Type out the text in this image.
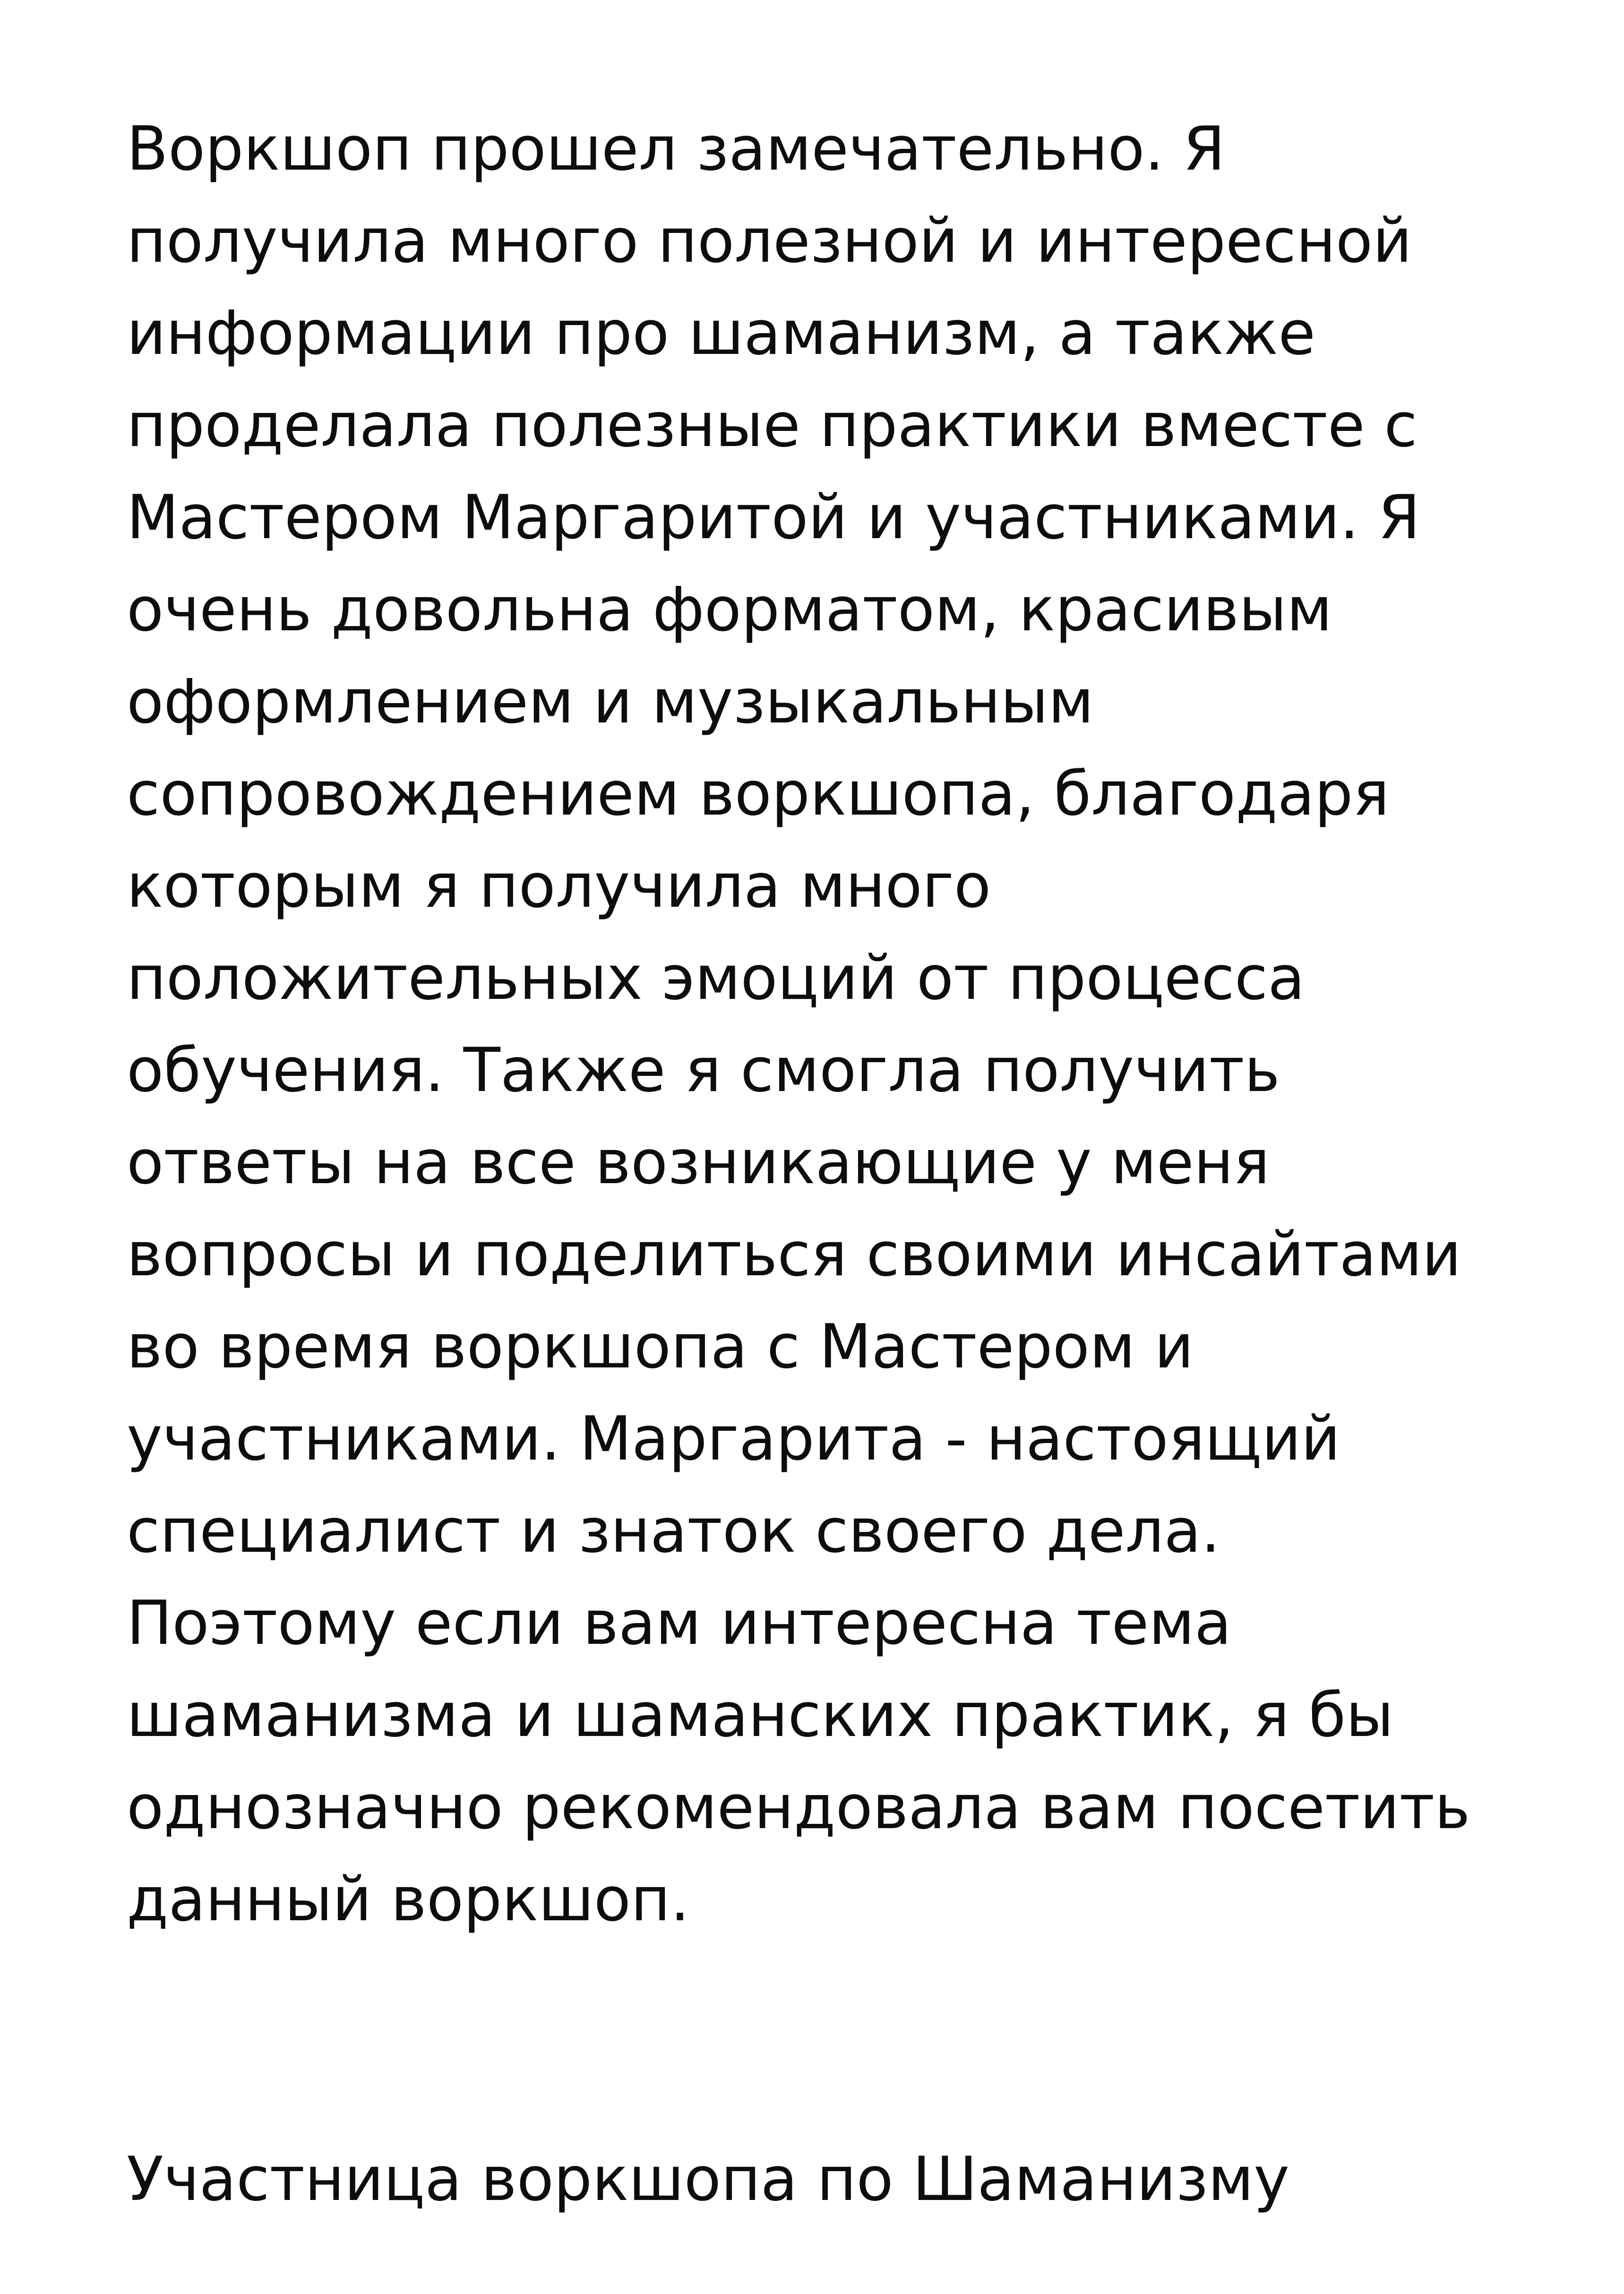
Воркшоп прошел замечательно. Я
получила много полезной и интересной
информации про шаманизм, а также
проделала полезные практики вместе с
Мастером Маргаритой и участниками. Я
очень довольна форматом, красивым
оформлением и музыкальным
сопровождением воркшопа, благодаря
которым я получила много
положительных эмоций от процесса
обучения. Также я смогла получить
ответы на все возникающие у меня
вопросы и поделиться своими инсайтами
во время воркшопа с Мастером и
участниками. Маргарита - настоящий
специалист и знаток своего дела.
Поэтому если вам интересна тема
шаманизма и шаманских практик, я бы
однозначно рекомендовала вам посетить
данный воркшоп.

Участница воркшопа по Шаманизму
